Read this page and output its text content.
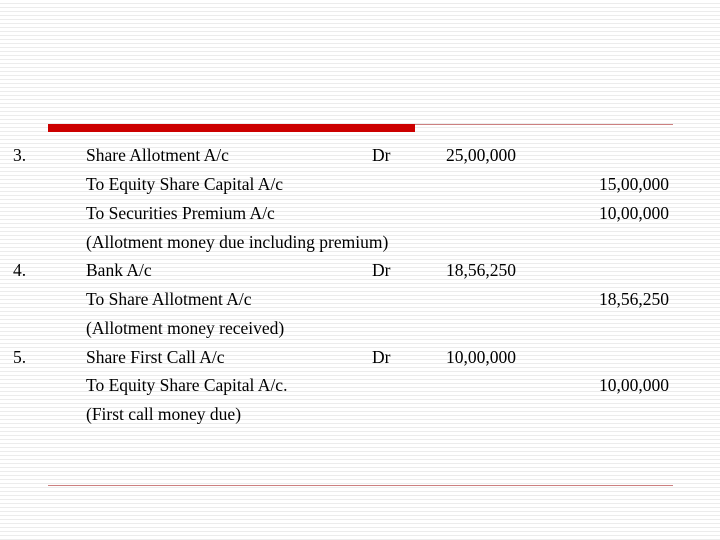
3.	Share Allotment A/c	Dr	25,00,000
To Equity Share Capital A/c	15,00,000
To Securities Premium A/c	10,00,000
(Allotment money due including premium)
4.	Bank A/c	Dr	18,56,250
To Share Allotment A/c	18,56,250
(Allotment money received)
5.	Share First Call A/c	Dr	10,00,000
To Equity Share Capital A/c.	10,00,000
(First call money due)
